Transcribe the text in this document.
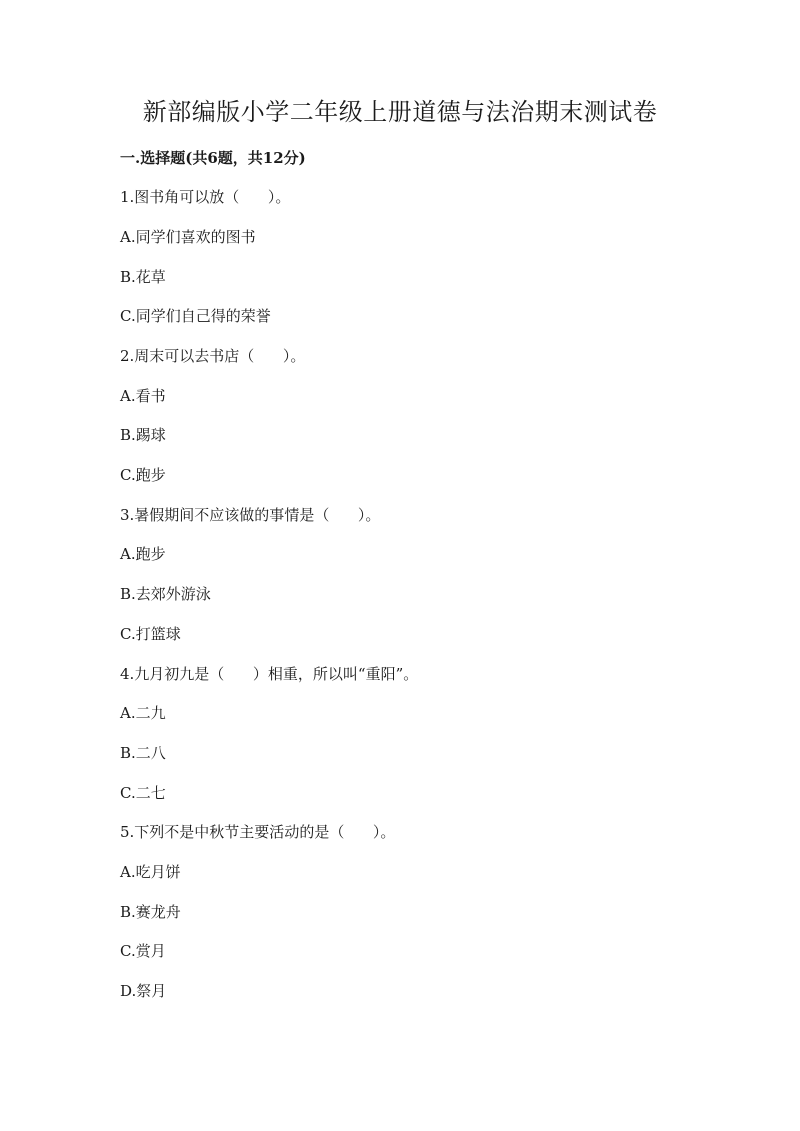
新部编版小学二年级上册道德与法治期末测试卷
一.选择题(共6题，共12分)
1.图书角可以放（      ）。
A.同学们喜欢的图书
B.花草
C.同学们自己得的荣誉
2.周末可以去书店（      ）。
A.看书
B.踢球
C.跑步
3.暑假期间不应该做的事情是（      ）。
A.跑步
B.去郊外游泳
C.打篮球
4.九月初九是（      ）相重，所以叫“重阳”。
A.二九
B.二八
C.二七
5.下列不是中秋节主要活动的是（      ）。
A.吃月饼
B.赛龙舟
C.赏月
D.祭月
